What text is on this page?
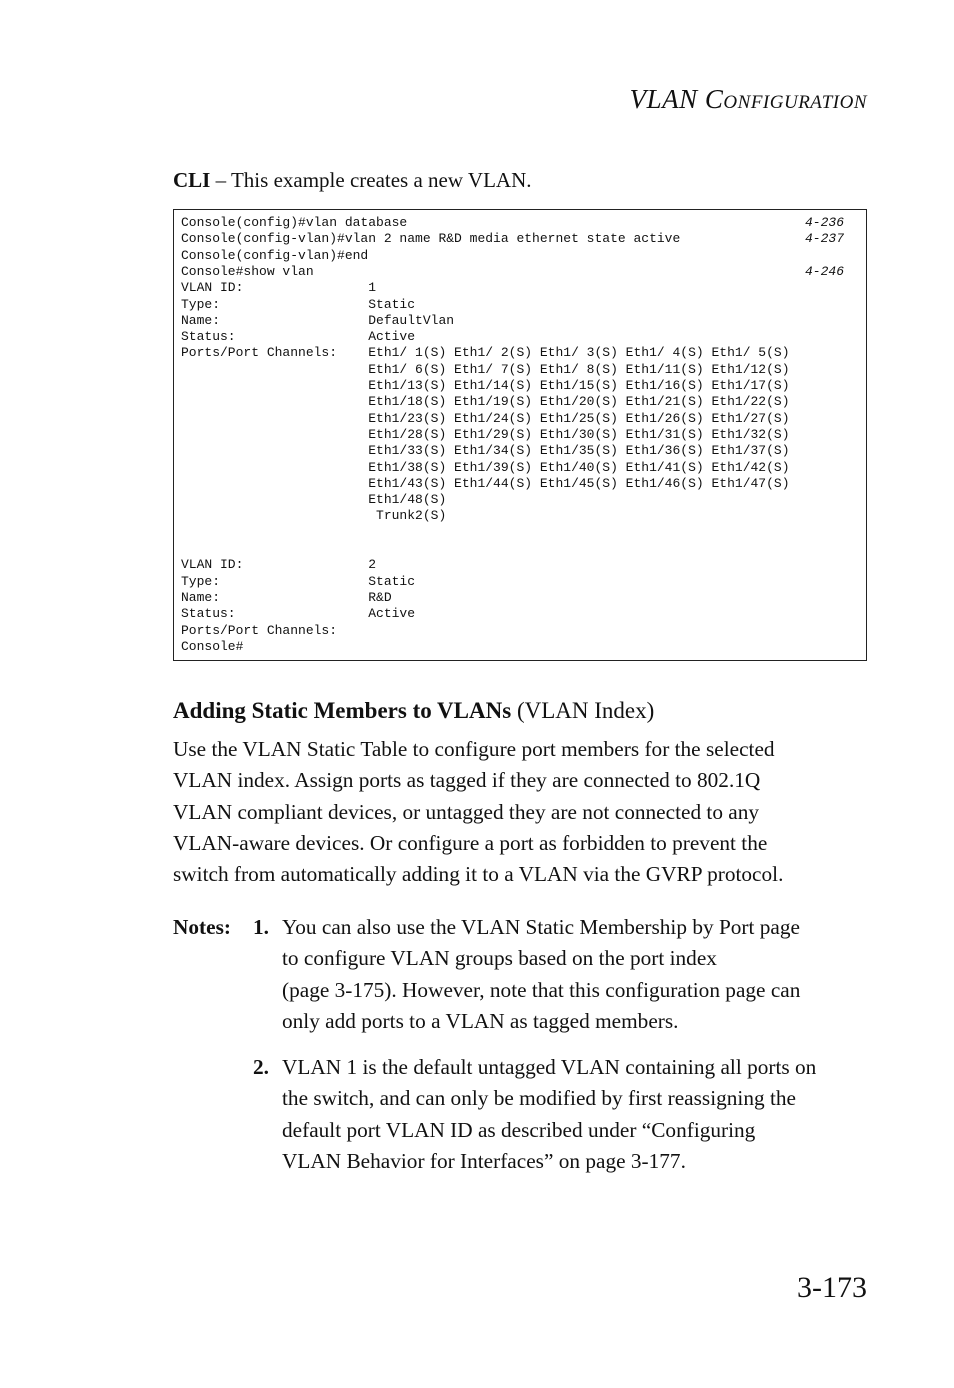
VLAN CONFIGURATION
CLI – This example creates a new VLAN.
Console(config)#vlan database	4-236
Console(config-vlan)#vlan 2 name R&D media ethernet state active	4-237
Console(config-vlan)#end
Console#show vlan	4-246
VLAN ID:                1
Type:                   Static
Name:                   DefaultVlan
Status:                 Active
Ports/Port Channels:    Eth1/ 1(S) Eth1/ 2(S) Eth1/ 3(S) Eth1/ 4(S) Eth1/ 5(S)
Eth1/ 6(S) Eth1/ 7(S) Eth1/ 8(S) Eth1/11(S) Eth1/12(S)
Eth1/13(S) Eth1/14(S) Eth1/15(S) Eth1/16(S) Eth1/17(S)
Eth1/18(S) Eth1/19(S) Eth1/20(S) Eth1/21(S) Eth1/22(S)
Eth1/23(S) Eth1/24(S) Eth1/25(S) Eth1/26(S) Eth1/27(S)
Eth1/28(S) Eth1/29(S) Eth1/30(S) Eth1/31(S) Eth1/32(S)
Eth1/33(S) Eth1/34(S) Eth1/35(S) Eth1/36(S) Eth1/37(S)
Eth1/38(S) Eth1/39(S) Eth1/40(S) Eth1/41(S) Eth1/42(S)
Eth1/43(S) Eth1/44(S) Eth1/45(S) Eth1/46(S) Eth1/47(S)
Eth1/48(S)
Trunk2(S)
VLAN ID:                2
Type:                   Static
Name:                   R&D
Status:                 Active
Ports/Port Channels:
Console#
Adding Static Members to VLANs (VLAN Index)
Use the VLAN Static Table to configure port members for the selected
VLAN index. Assign ports as tagged if they are connected to 802.1Q
VLAN compliant devices, or untagged they are not connected to any
VLAN-aware devices. Or configure a port as forbidden to prevent the
switch from automatically adding it to a VLAN via the GVRP protocol.
Notes: 1. You can also use the VLAN Static Membership by Port page
to configure VLAN groups based on the port index
(page 3-175). However, note that this configuration page can
only add ports to a VLAN as tagged members.
2. VLAN 1 is the default untagged VLAN containing all ports on
the switch, and can only be modified by first reassigning the
default port VLAN ID as described under “Configuring
VLAN Behavior for Interfaces” on page 3-177.
3-173
